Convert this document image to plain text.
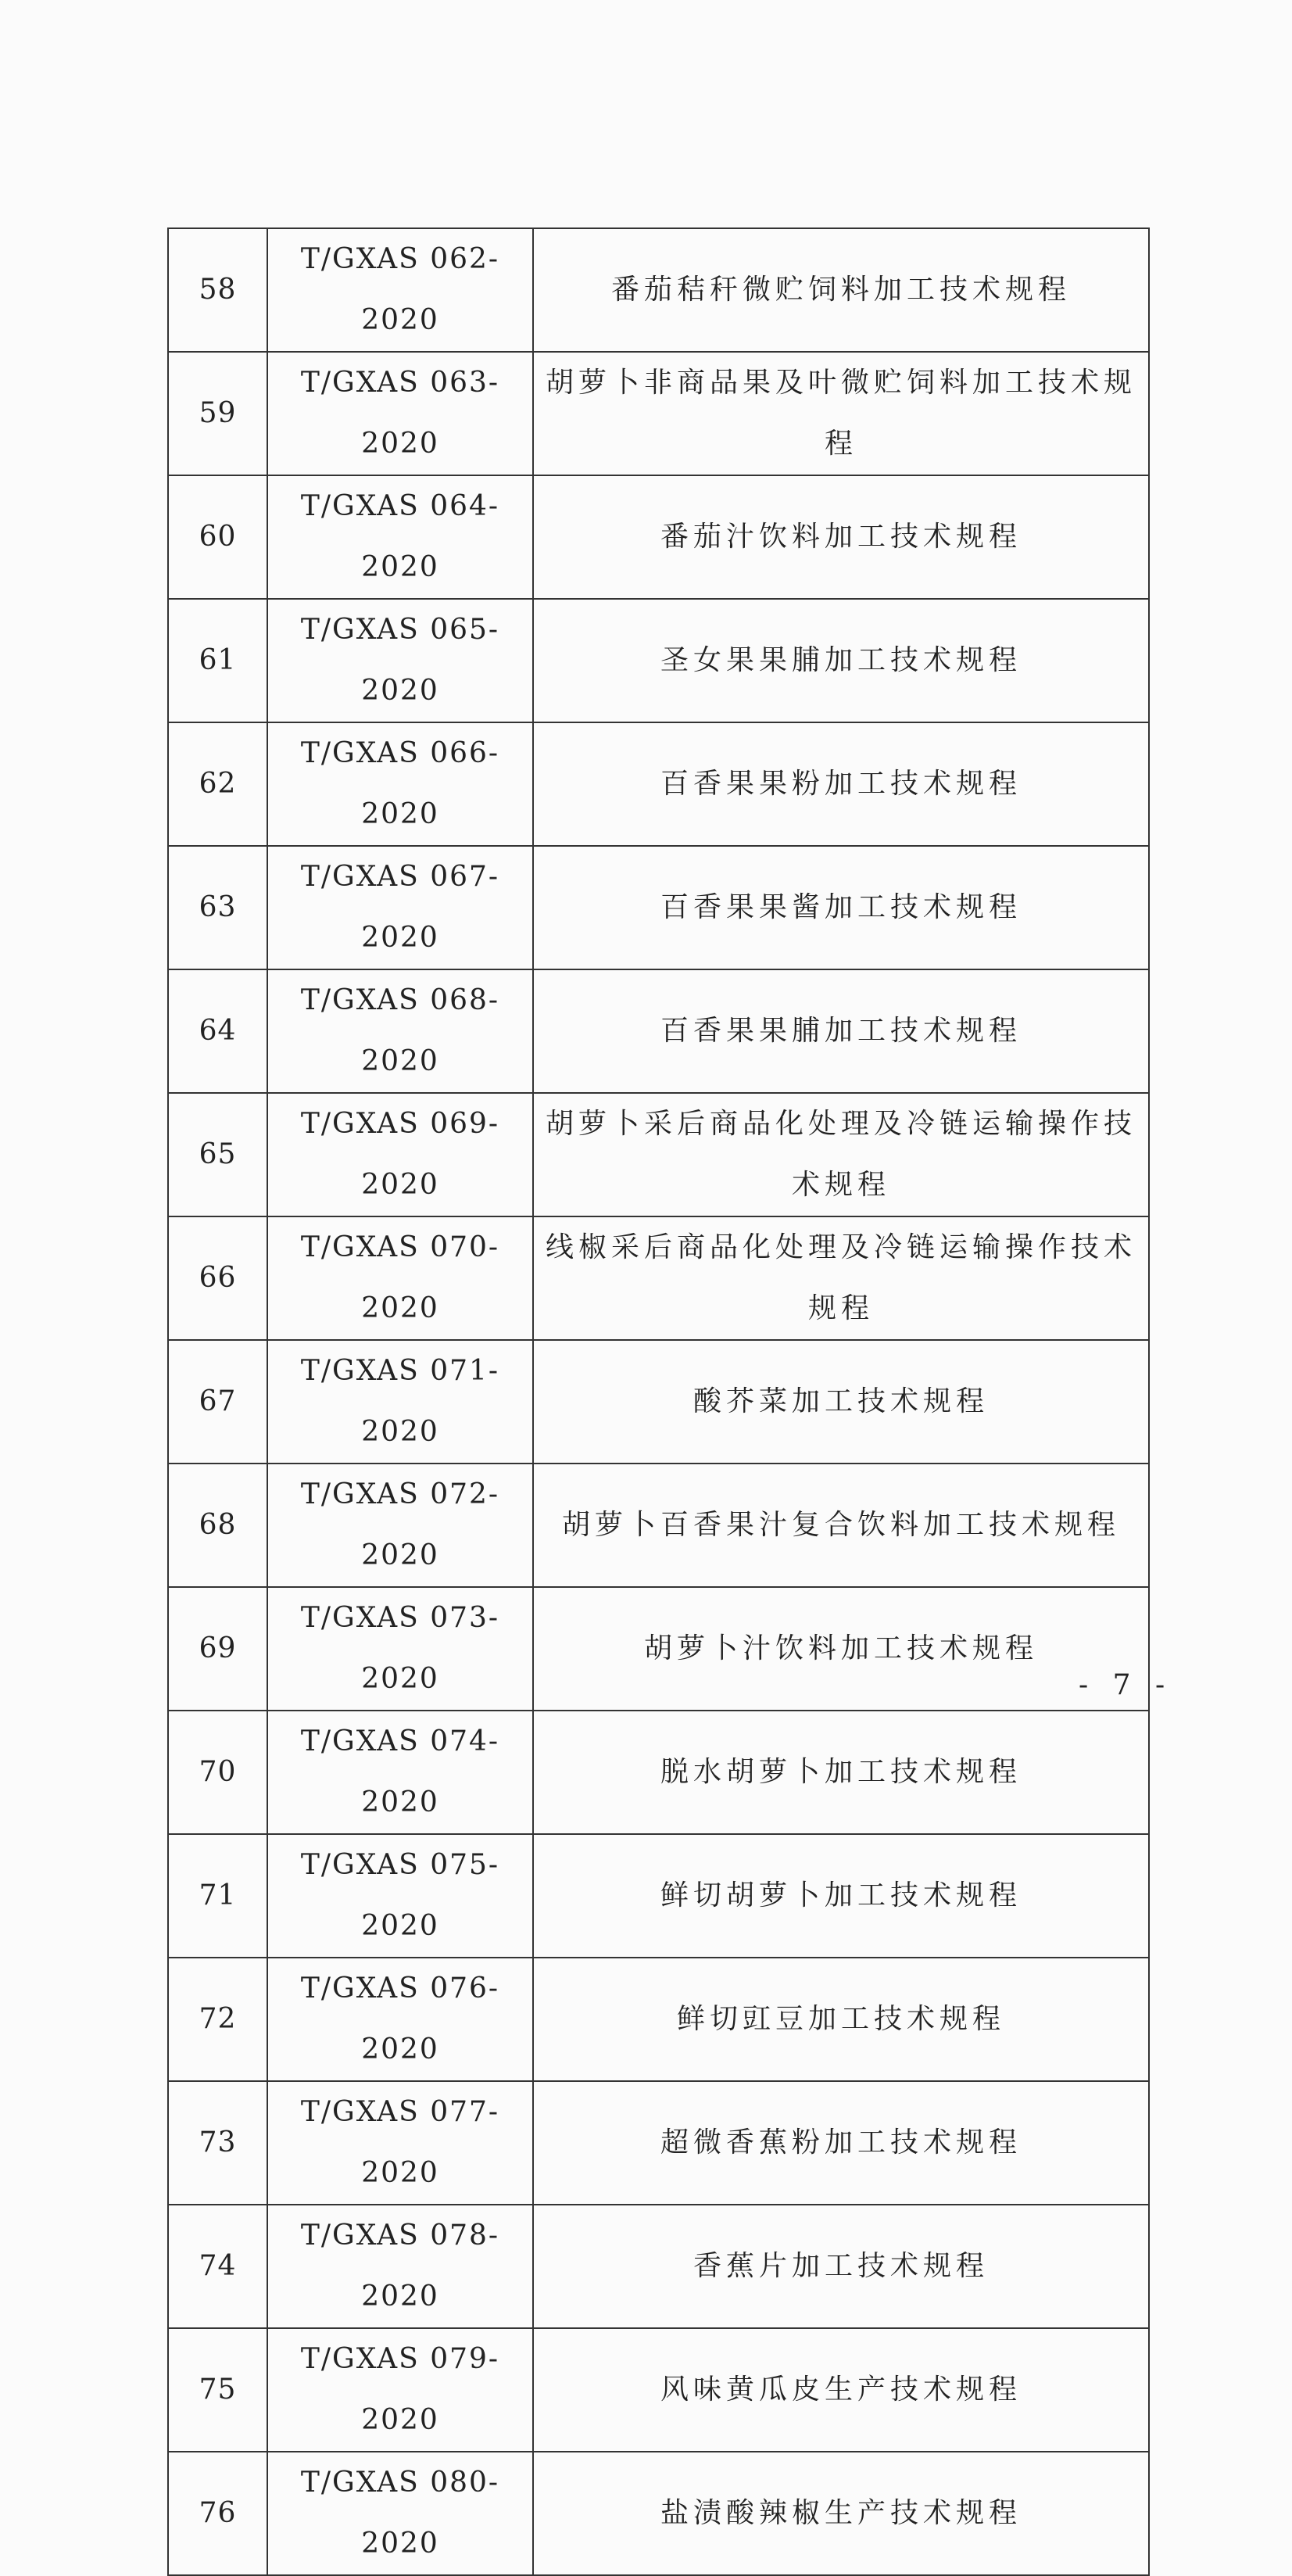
58	T/GXAS 062-2020	番茄秸秆微贮饲料加工技术规程
59	T/GXAS 063-2020	胡萝卜非商品果及叶微贮饲料加工技术规程
60	T/GXAS 064-2020	番茄汁饮料加工技术规程
61	T/GXAS 065-2020	圣女果果脯加工技术规程
62	T/GXAS 066-2020	百香果果粉加工技术规程
63	T/GXAS 067-2020	百香果果酱加工技术规程
64	T/GXAS 068-2020	百香果果脯加工技术规程
65	T/GXAS 069-2020	胡萝卜采后商品化处理及冷链运输操作技术规程
66	T/GXAS 070-2020	线椒采后商品化处理及冷链运输操作技术规程
67	T/GXAS 071-2020	酸芥菜加工技术规程
68	T/GXAS 072-2020	胡萝卜百香果汁复合饮料加工技术规程
69	T/GXAS 073-2020	胡萝卜汁饮料加工技术规程
70	T/GXAS 074-2020	脱水胡萝卜加工技术规程
71	T/GXAS 075-2020	鲜切胡萝卜加工技术规程
72	T/GXAS 076-2020	鲜切豇豆加工技术规程
73	T/GXAS 077-2020	超微香蕉粉加工技术规程
74	T/GXAS 078-2020	香蕉片加工技术规程
75	T/GXAS 079-2020	风味黄瓜皮生产技术规程
76	T/GXAS 080-2020	盐渍酸辣椒生产技术规程
- 7 -
